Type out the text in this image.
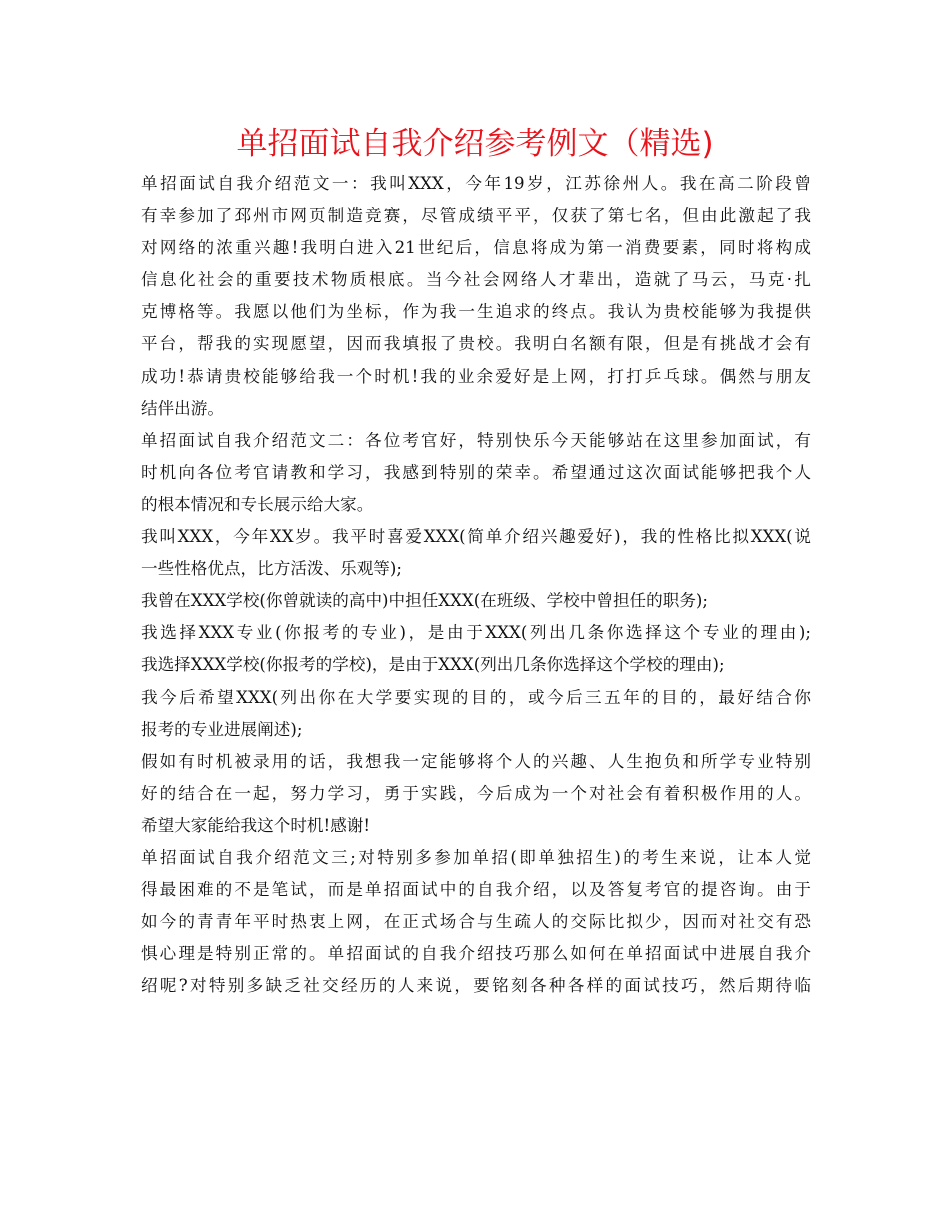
单招面试自我介绍参考例文（精选)
单招面试自我介绍范文一：我叫XXX，今年19岁，江苏徐州人。我在高二阶段曾
有幸参加了邳州市网页制造竞赛，尽管成绩平平，仅获了第七名，但由此激起了我
对网络的浓重兴趣!我明白进入21世纪后，信息将成为第一消费要素，同时将构成
信息化社会的重要技术物质根底。当今社会网络人才辈出，造就了马云，马克·扎
克博格等。我愿以他们为坐标，作为我一生追求的终点。我认为贵校能够为我提供
平台，帮我的实现愿望，因而我填报了贵校。我明白名额有限，但是有挑战才会有
成功!恭请贵校能够给我一个时机!我的业余爱好是上网，打打乒乓球。偶然与朋友
结伴出游。
单招面试自我介绍范文二：各位考官好，特别快乐今天能够站在这里参加面试，有
时机向各位考官请教和学习，我感到特别的荣幸。希望通过这次面试能够把我个人
的根本情况和专长展示给大家。
我叫XXX，今年XX岁。我平时喜爱XXX(简单介绍兴趣爱好)，我的性格比拟XXX(说
一些性格优点，比方活泼、乐观等);
我曾在XXX学校(你曾就读的高中)中担任XXX(在班级、学校中曾担任的职务);
我选择XXX专业(你报考的专业)，是由于XXX(列出几条你选择这个专业的理由);
我选择XXX学校(你报考的学校)，是由于XXX(列出几条你选择这个学校的理由);
我今后希望XXX(列出你在大学要实现的目的，或今后三五年的目的，最好结合你
报考的专业进展阐述);
假如有时机被录用的话，我想我一定能够将个人的兴趣、人生抱负和所学专业特别
好的结合在一起，努力学习，勇于实践，今后成为一个对社会有着积极作用的人。
希望大家能给我这个时机!感谢!
单招面试自我介绍范文三;对特别多参加单招(即单独招生)的考生来说，让本人觉
得最困难的不是笔试，而是单招面试中的自我介绍，以及答复考官的提咨询。由于
如今的青青年平时热衷上网，在正式场合与生疏人的交际比拟少，因而对社交有恐
惧心理是特别正常的。单招面试的自我介绍技巧那么如何在单招面试中进展自我介
绍呢?对特别多缺乏社交经历的人来说，要铭刻各种各样的面试技巧，然后期待临
